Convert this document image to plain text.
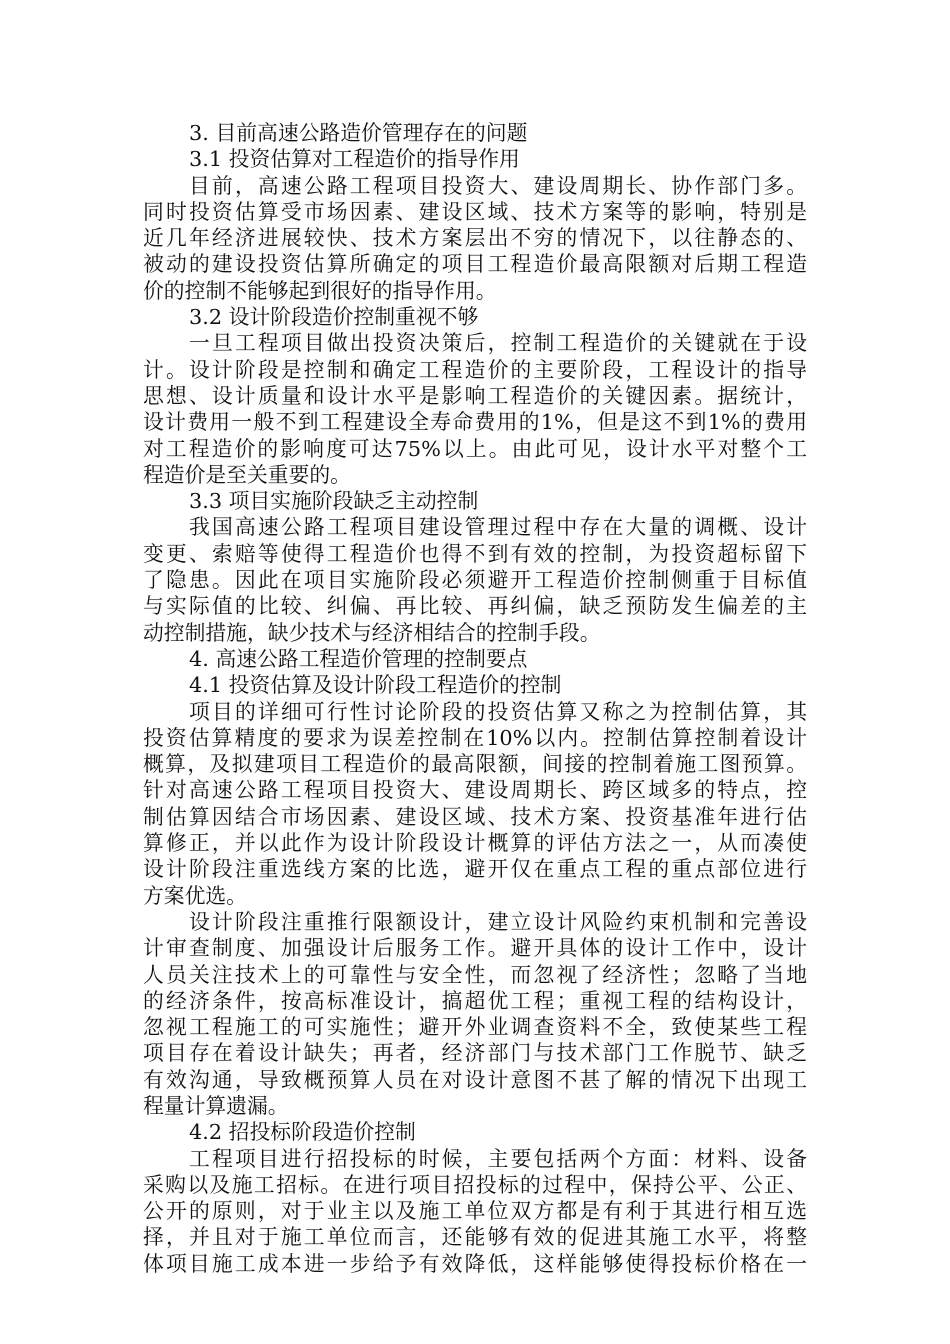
3. 目前高速公路造价管理存在的问题
3.1 投资估算对工程造价的指导作用
目前，高速公路工程项目投资大、建设周期长、协作部门多。
同时投资估算受市场因素、建设区域、技术方案等的影响，特别是
近几年经济进展较快、技术方案层出不穷的情况下，以往静态的、
被动的建设投资估算所确定的项目工程造价最高限额对后期工程造
价的控制不能够起到很好的指导作用。
3.2 设计阶段造价控制重视不够
一旦工程项目做出投资决策后，控制工程造价的关键就在于设
计。设计阶段是控制和确定工程造价的主要阶段，工程设计的指导
思想、设计质量和设计水平是影响工程造价的关键因素。据统计，
设计费用一般不到工程建设全寿命费用的1%，但是这不到1%的费用
对工程造价的影响度可达75%以上。由此可见，设计水平对整个工
程造价是至关重要的。
3.3 项目实施阶段缺乏主动控制
我国高速公路工程项目建设管理过程中存在大量的调概、设计
变更、索赔等使得工程造价也得不到有效的控制，为投资超标留下
了隐患。因此在项目实施阶段必须避开工程造价控制侧重于目标值
与实际值的比较、纠偏、再比较、再纠偏，缺乏预防发生偏差的主
动控制措施，缺少技术与经济相结合的控制手段。
4. 高速公路工程造价管理的控制要点
4.1 投资估算及设计阶段工程造价的控制
项目的详细可行性讨论阶段的投资估算又称之为控制估算，其
投资估算精度的要求为误差控制在10%以内。控制估算控制着设计
概算，及拟建项目工程造价的最高限额，间接的控制着施工图预算。
针对高速公路工程项目投资大、建设周期长、跨区域多的特点，控
制估算因结合市场因素、建设区域、技术方案、投资基准年进行估
算修正，并以此作为设计阶段设计概算的评估方法之一，从而凑使
设计阶段注重选线方案的比选，避开仅在重点工程的重点部位进行
方案优选。
设计阶段注重推行限额设计，建立设计风险约束机制和完善设
计审查制度、加强设计后服务工作。避开具体的设计工作中，设计
人员关注技术上的可靠性与安全性，而忽视了经济性；忽略了当地
的经济条件，按高标准设计，搞超优工程；重视工程的结构设计，
忽视工程施工的可实施性；避开外业调查资料不全，致使某些工程
项目存在着设计缺失；再者，经济部门与技术部门工作脱节、缺乏
有效沟通，导致概预算人员在对设计意图不甚了解的情况下出现工
程量计算遗漏。
4.2 招投标阶段造价控制
工程项目进行招投标的时候，主要包括两个方面：材料、设备
采购以及施工招标。在进行项目招投标的过程中，保持公平、公正、
公开的原则，对于业主以及施工单位双方都是有利于其进行相互选
择，并且对于施工单位而言，还能够有效的促进其施工水平，将整
体项目施工成本进一步给予有效降低，这样能够使得投标价格在一
